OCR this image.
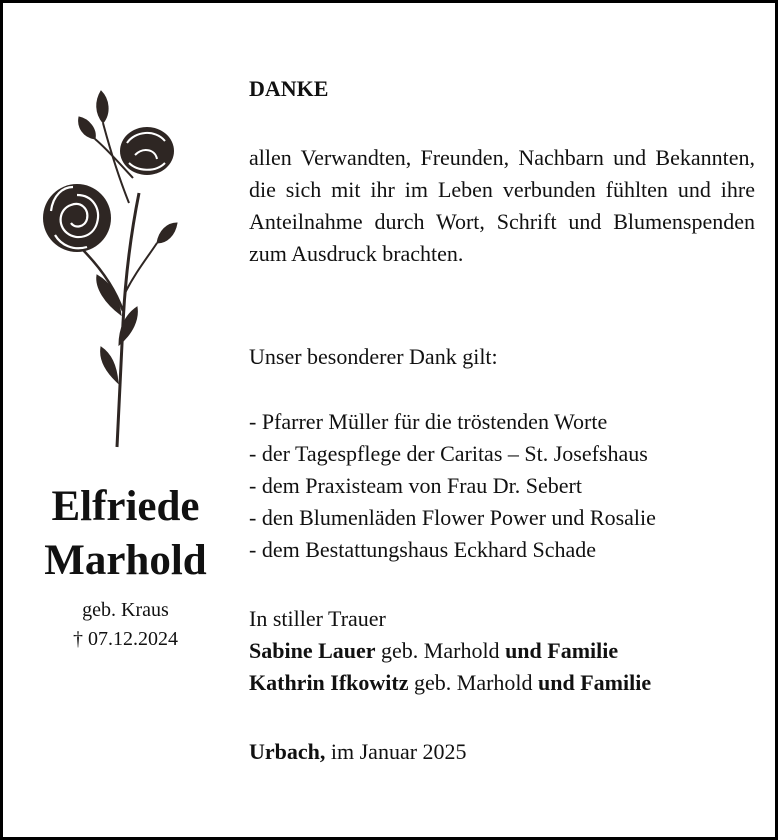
Elfriede
Marhold
geb. Kraus
† 07.12.2024
DANKE
allen Verwandten, Freunden, Nachbarn und Bekannten, die sich mit ihr im Leben verbunden fühlten und ihre Anteilnahme durch Wort, Schrift und Blumenspenden zum Ausdruck brachten.
Unser besonderer Dank gilt:
- Pfarrer Müller für die tröstenden Worte
- der Tagespflege der Caritas – St. Josefshaus
- dem Praxisteam von Frau Dr. Sebert
- den Blumenläden Flower Power und Rosalie
- dem Bestattungshaus Eckhard Schade
In stiller Trauer
Sabine Lauer geb. Marhold und Familie
Kathrin Ifkowitz geb. Marhold und Familie
Urbach, im Januar 2025
